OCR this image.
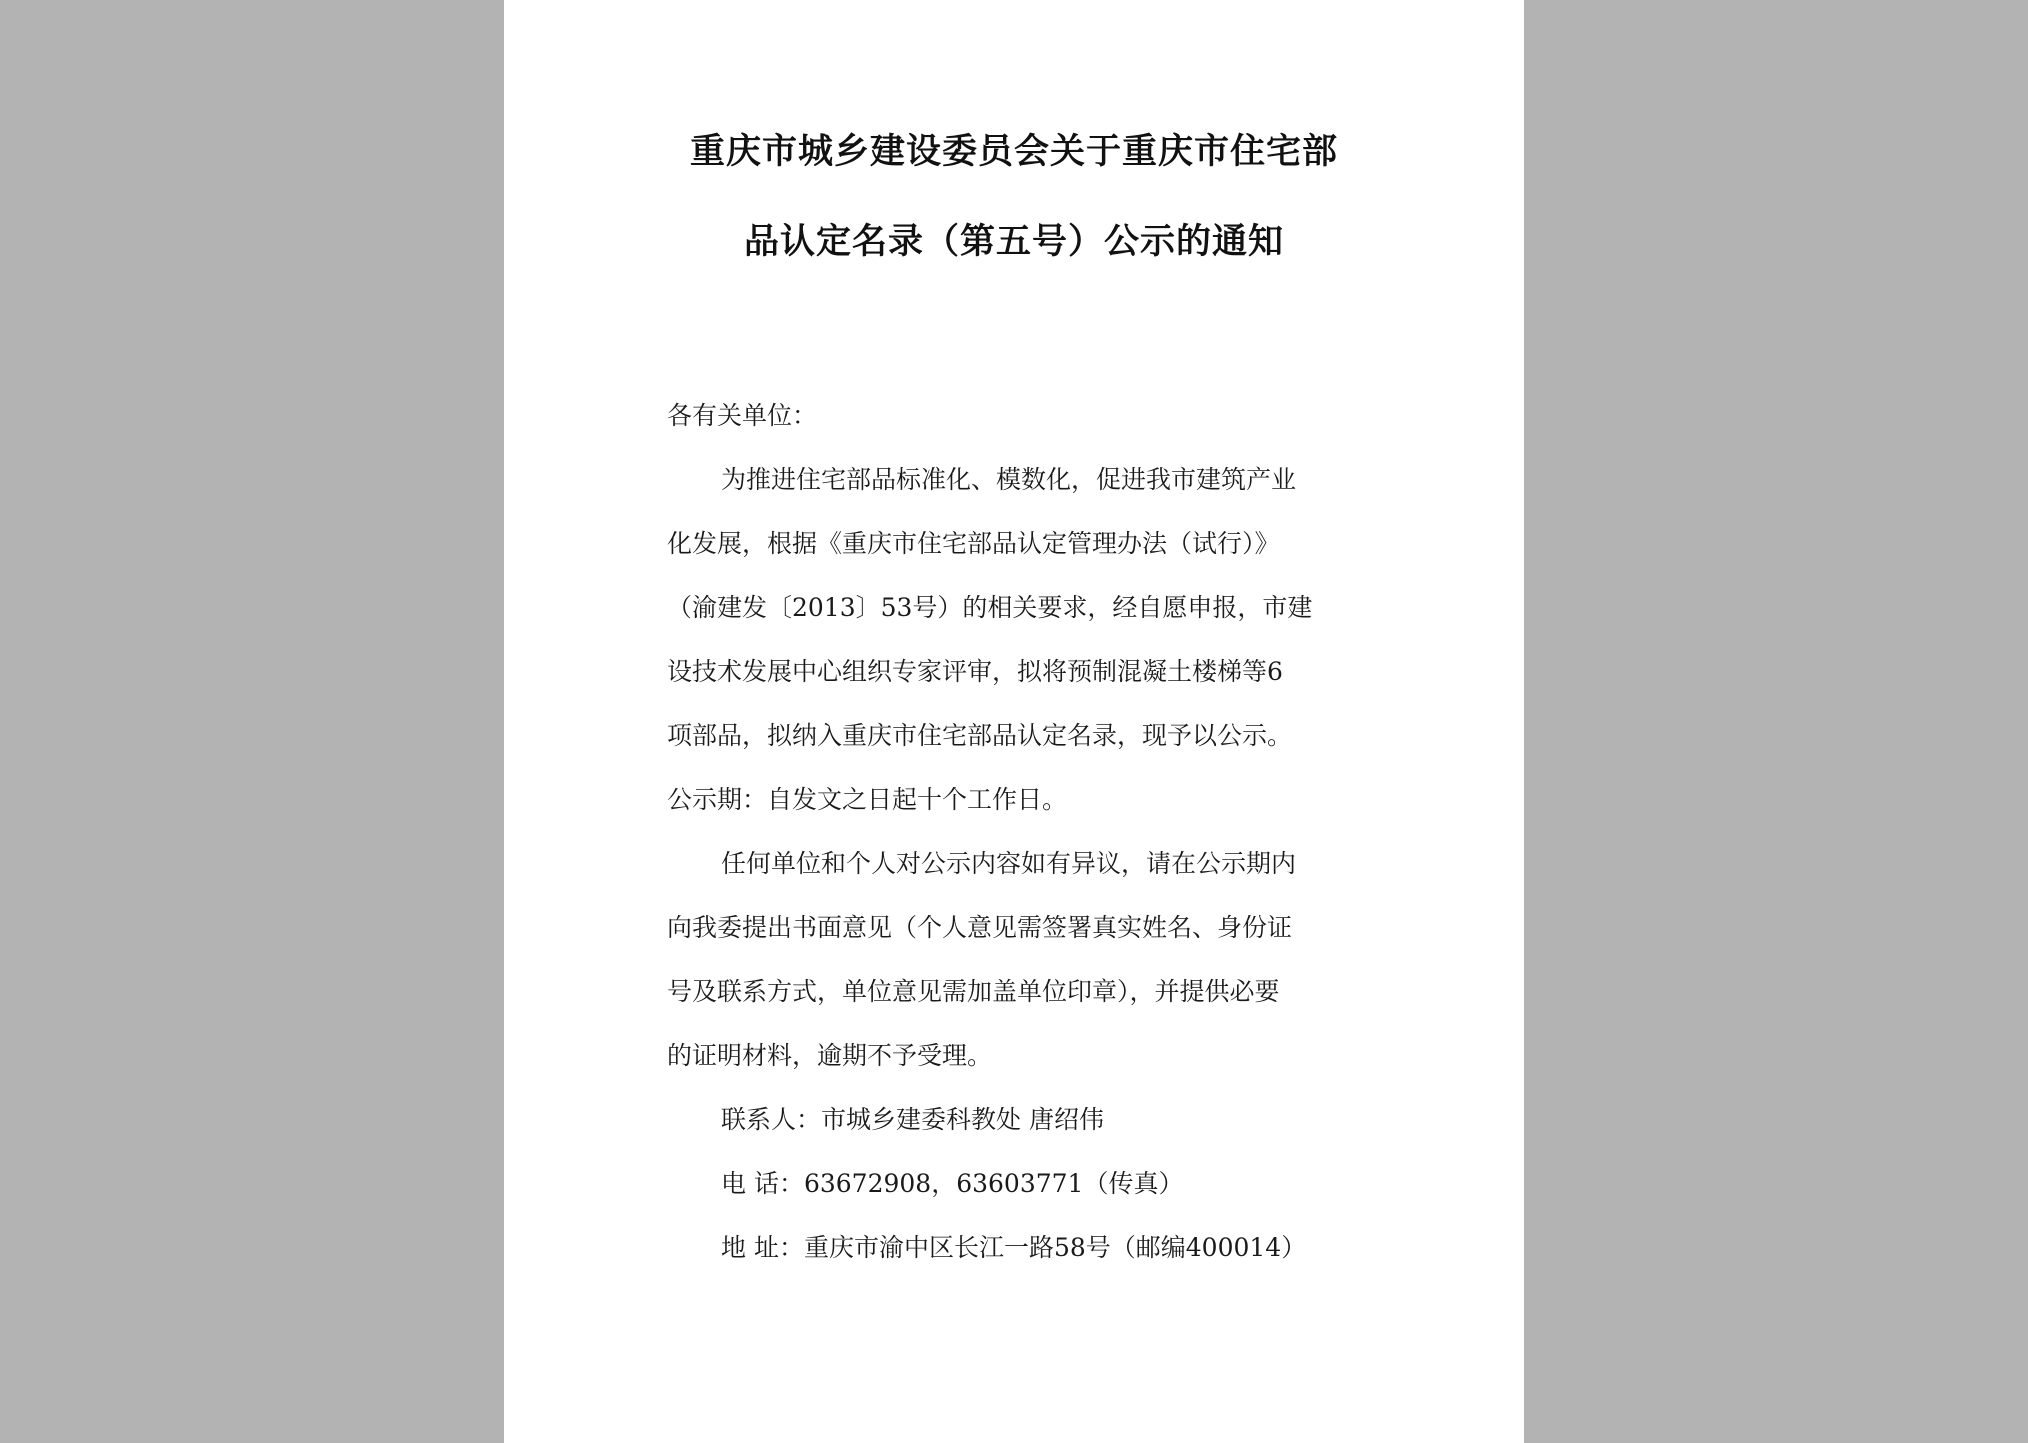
重庆市城乡建设委员会关于重庆市住宅部
品认定名录（第五号）公示的通知
各有关单位：
为推进住宅部品标准化、模数化，促进我市建筑产业
化发展，根据《重庆市住宅部品认定管理办法（试行）》
（渝建发〔2013〕53号）的相关要求，经自愿申报，市建
设技术发展中心组织专家评审，拟将预制混凝土楼梯等6
项部品，拟纳入重庆市住宅部品认定名录，现予以公示。
公示期：自发文之日起十个工作日。
任何单位和个人对公示内容如有异议，请在公示期内
向我委提出书面意见（个人意见需签署真实姓名、身份证
号及联系方式，单位意见需加盖单位印章），并提供必要
的证明材料，逾期不予受理。
联系人：市城乡建委科教处 唐绍伟
电 话：63672908，63603771（传真）
地 址：重庆市渝中区长江一路58号（邮编400014）
